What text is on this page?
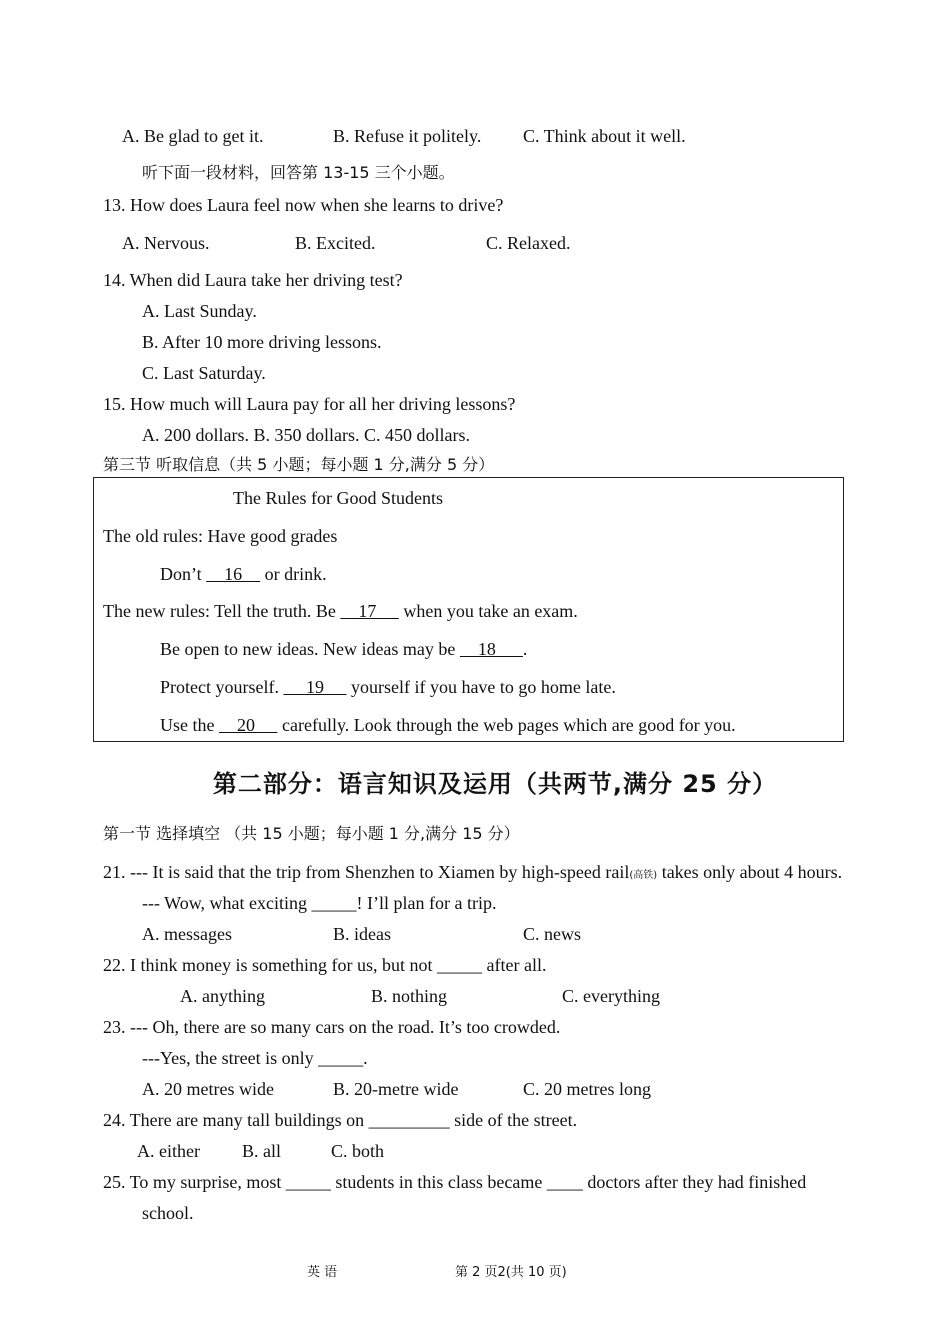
A. Be glad to get it.	B. Refuse it politely. C. Think about it well.
听下面一段材料，回答第 13-15 三个小题。
13. How does Laura feel now when she learns to drive?
A. Nervous.	B. Excited.	C. Relaxed.
14. When did Laura take her driving test?
A. Last Sunday.
B. After 10 more driving lessons.
C. Last Saturday.
15. How much will Laura pay for all her driving lessons?
A. 200 dollars. B. 350 dollars. C. 450 dollars.
第三节 听取信息（共 5 小题；每小题 1 分,满分 5 分）
The Rules for Good Students
The old rules: Have good grades
Don’t     16     or drink.
The new rules: Tell the truth. Be     17      when you take an exam.
Be open to new ideas. New ideas may be     18      .
Protect yourself.      19      yourself if you have to go home late.
Use the     20      carefully. Look through the web pages which are good for you.
第二部分：语言知识及运用（共两节,满分 25 分）
第一节 选择填空 （共 15 小题；每小题 1 分,满分 15 分）
21. --- It is said that the trip from Shenzhen to Xiamen by high-speed rail(高铁) takes only about 4 hours.
--- Wow, what exciting _____! I’ll plan for a trip.
A. messages	B. ideas	C. news
22. I think money is something for us, but not _____ after all.
A. anything	B. nothing	C. everything
23. --- Oh, there are so many cars on the road. It’s too crowded.
---Yes, the street is only _____.
A. 20 metres wide	B. 20-metre wide	C. 20 metres long
24. There are many tall buildings on _________ side of the street.
A. either B. all	C. both
25. To my surprise, most _____ students in this class became ____ doctors after they had finished
school.
英 语	第 2 页2(共 10 页)
